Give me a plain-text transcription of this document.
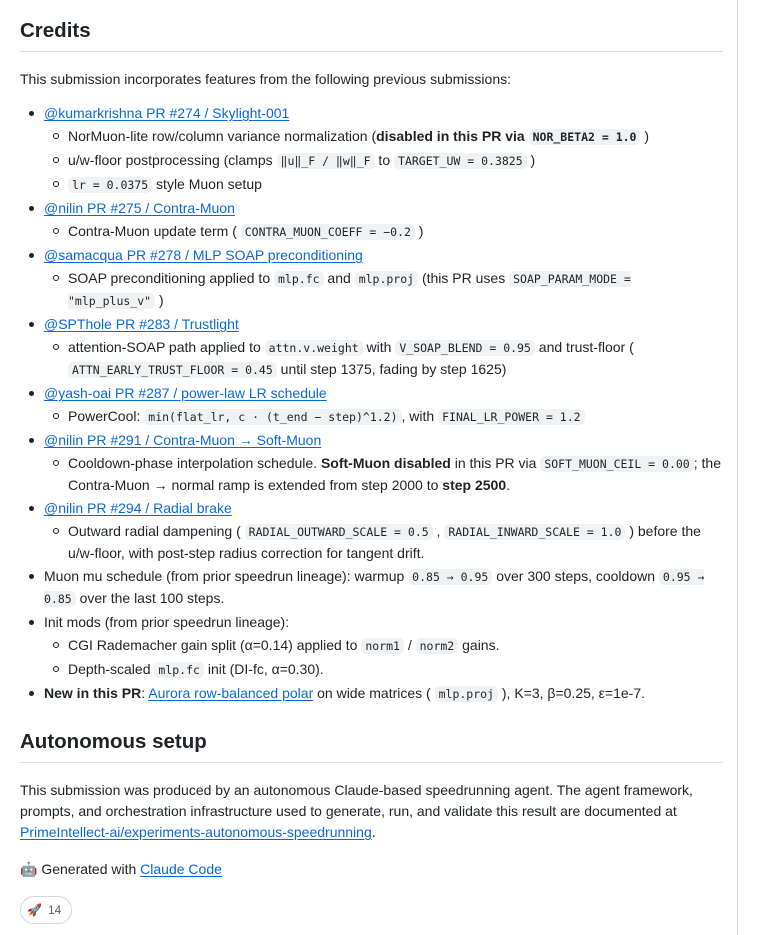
Credits

This submission incorporates features from the following previous submissions:

@kumarkrishna PR #274 / Skylight-001
NorMuon-lite row/column variance normalization (disabled in this PR via NOR_BETA2 = 1.0 )
u/w-floor postprocessing (clamps ‖u‖_F / ‖w‖_F to TARGET_UW = 0.3825 )
lr = 0.0375 style Muon setup
@nilin PR #275 / Contra-Muon
Contra-Muon update term ( CONTRA_MUON_COEFF = −0.2 )
@samacqua PR #278 / MLP SOAP preconditioning
SOAP preconditioning applied to mlp.fc and mlp.proj (this PR uses SOAP_PARAM_MODE = "mlp_plus_v" )
@SPThole PR #283 / Trustlight
attention-SOAP path applied to attn.v.weight with V_SOAP_BLEND = 0.95 and trust-floor ( ATTN_EARLY_TRUST_FLOOR = 0.45 until step 1375, fading by step 1625)
@yash-oai PR #287 / power-law LR schedule
PowerCool: min(flat_lr, c · (t_end − step)^1.2) , with FINAL_LR_POWER = 1.2
@nilin PR #291 / Contra-Muon → Soft-Muon
Cooldown-phase interpolation schedule. Soft-Muon disabled in this PR via SOFT_MUON_CEIL = 0.00 ; the Contra-Muon → normal ramp is extended from step 2000 to step 2500.
@nilin PR #294 / Radial brake
Outward radial dampening ( RADIAL_OUTWARD_SCALE = 0.5 , RADIAL_INWARD_SCALE = 1.0 ) before the u/w-floor, with post-step radius correction for tangent drift.
Muon mu schedule (from prior speedrun lineage): warmup 0.85 → 0.95 over 300 steps, cooldown 0.95 → 0.85 over the last 100 steps.
Init mods (from prior speedrun lineage):
CGI Rademacher gain split (α=0.14) applied to norm1 / norm2 gains.
Depth-scaled mlp.fc init (DI-fc, α=0.30).
New in this PR: Aurora row-balanced polar on wide matrices ( mlp.proj ), K=3, β=0.25, ε=1e-7.
Autonomous setup

This submission was produced by an autonomous Claude-based speedrunning agent. The agent framework, prompts, and orchestration infrastructure used to generate, run, and validate this result are documented at PrimeIntellect-ai/experiments-autonomous-speedrunning.

🤖 Generated with Claude Code

🚀 14
